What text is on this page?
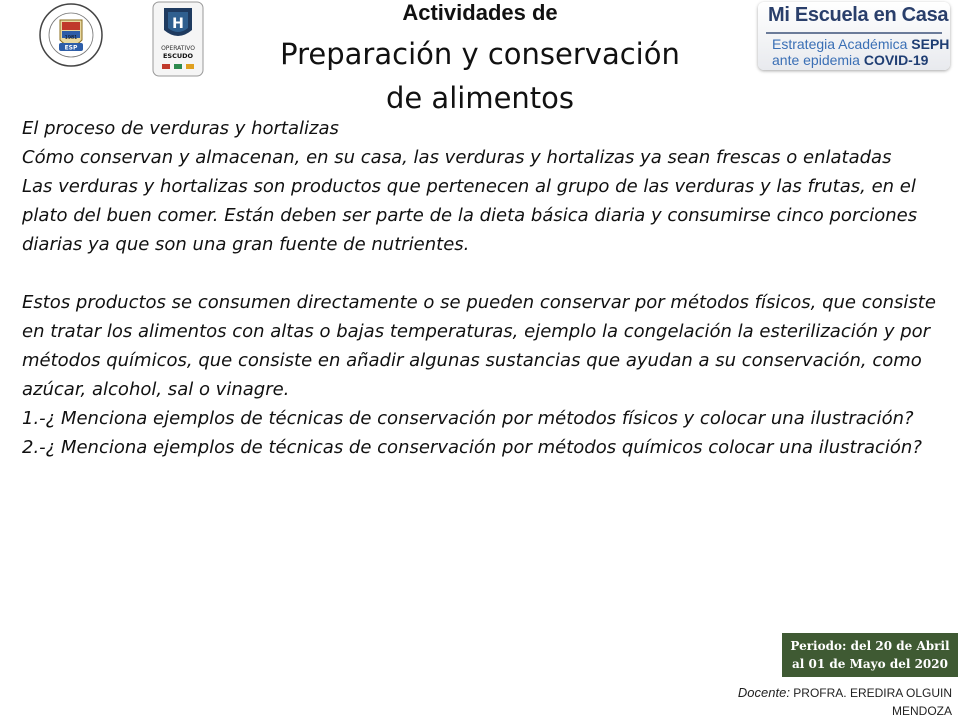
ESP
1981
H
OPERATIVO
ESCUDO
Actividades de
Preparación y conservación
de alimentos
Mi Escuela en Casa
Estrategia Académica SEPH
ante epidemia COVID-19

El proceso de verduras y hortalizas

Cómo conservan y almacenan, en su casa, las verduras y hortalizas ya sean frescas o enlatadas

Las verduras y hortalizas son productos que pertenecen al grupo de las verduras y las frutas, en el plato del buen comer. Están deben ser parte de la dieta básica diaria y consumirse cinco porciones diarias ya que son una gran fuente de nutrientes.

Estos productos se consumen directamente o se pueden conservar por métodos físicos, que consiste en tratar los alimentos con altas o bajas temperaturas, ejemplo la congelación la esterilización y por métodos químicos, que consiste en añadir algunas sustancias que ayudan a su conservación, como azúcar, alcohol, sal o vinagre.

1.-¿ Menciona ejemplos de técnicas de conservación por métodos físicos y colocar una ilustración?

2.-¿ Menciona ejemplos de técnicas de conservación por métodos químicos colocar una ilustración?

Periodo: del 20 de Abril
al 01 de Mayo del 2020
Docente: PROFRA. EREDIRA OLGUIN
MENDOZA
